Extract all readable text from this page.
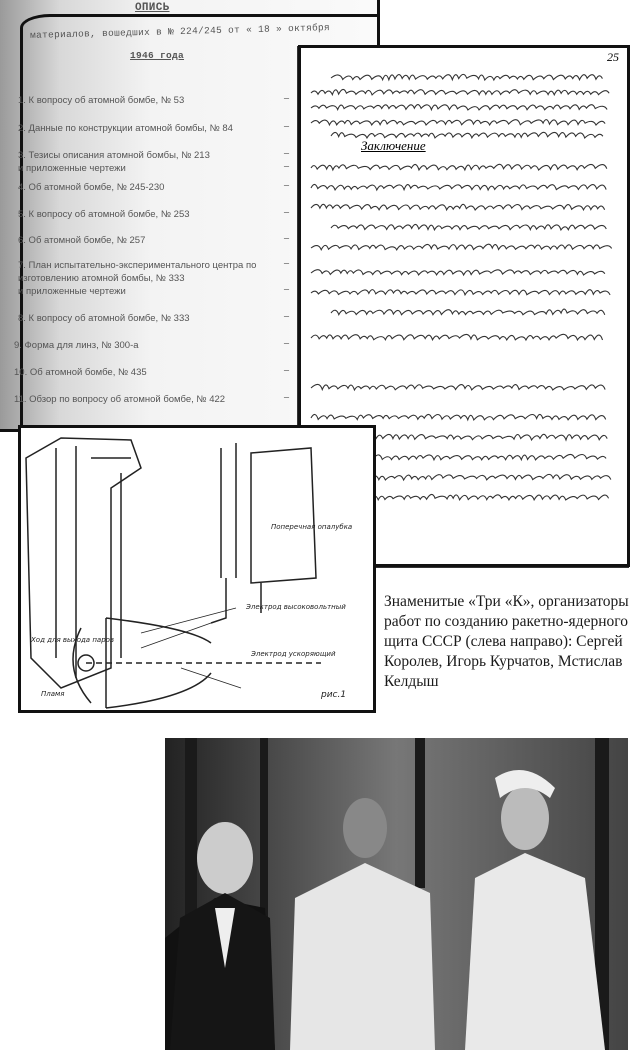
ОПИСЬ
материалов, вошедших в № 224/245 от « 18 » октября
1946 года
1. К вопросу об атомной бомбе, № 53	–
2. Данные по конструкции атомной бомбы, № 84	–
3. Тезисы описания атомной бомбы, № 213	–
и приложенные чертежи	–
4. Об атомной бомбе, № 245-230	–
5. К вопросу об атомной бомбе, № 253	–
6. Об атомной бомбе, № 257	–
7. План испытательно-экспериментального центра по	–
изготовлению атомной бомбы, № 333
и приложенные чертежи	–
8. К вопросу об атомной бомбе, № 333	–
9. Форма для линз, № 300-а	–
10. Об атомной бомбе, № 435	–
11. Обзор по вопросу об атомной бомбе, № 422	–
25
Заключение
Поперечная опалубка
Электрод высоковольтный
Электрод ускоряющий
Ход для выхода паров
Пламя	рис.1
Знаменитые «Три «К», организаторы работ по созданию ракетно-ядерного щита СССР (слева направо): Сергей Королев, Игорь Курчатов, Мстислав Келдыш
